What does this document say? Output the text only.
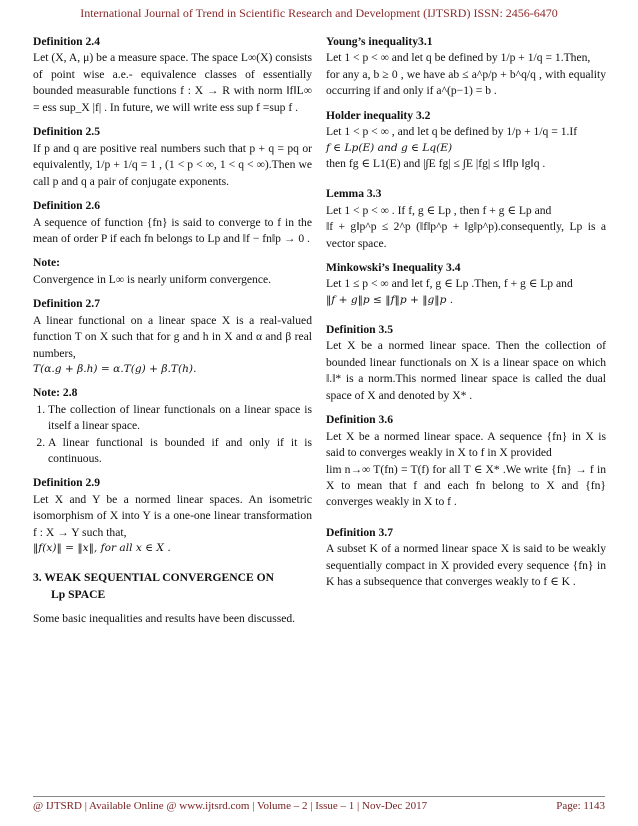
International Journal of Trend in Scientific Research and Development (IJTSRD) ISSN: 2456-6470
Definition 2.4
Let (X, A, μ) be a measure space. The space L∞(X) consists of point wise a.e.- equivalence classes of essentially bounded measurable functions f : X → R with norm ‖f‖L∞ = ess sup_X |f| . In future, we will write ess sup f =sup f .
Definition 2.5
If p and q are positive real numbers such that p + q = pq or equivalently, 1/p + 1/q = 1 , (1 < p < ∞, 1 < q < ∞).Then we call p and q a pair of conjugate exponents.
Definition 2.6
A sequence of function {fn} is said to converge to f in the mean of order P if each fn belongs to Lp and ‖f − fn‖p → 0 .
Note:
Convergence in L∞ is nearly uniform convergence.
Definition 2.7
A linear functional on a linear space X is a real-valued function T on X such that for g and h in X and α and β real numbers,
T(α.g + β.h) = α.T(g) + β.T(h).
Note: 2.8
1. The collection of linear functionals on a linear space is itself a linear space.
2. A linear functional is bounded if and only if it is continuous.
Definition 2.9
Let X and Y be a normed linear spaces. An isometric isomorphism of X into Y is a one-one linear transformation f : X → Y such that,
‖f(x)‖ = ‖x‖, for all x ∈ X .
3. WEAK SEQUENTIAL CONVERGENCE ON
Lp SPACE
Some basic inequalities and results have been discussed.
Young’s inequality3.1
Let 1 < p < ∞ and let q be defined by 1/p + 1/q = 1.Then,
for any a, b ≥ 0 , we have ab ≤ a^p/p + b^q/q , with equality occurring if and only if a^(p−1) = b .
Holder inequality 3.2
Let 1 < p < ∞ , and let q be defined by 1/p + 1/q = 1.If
f ∈ Lp(E) and g ∈ Lq(E)
then fg ∈ L1(E) and |∫E fg| ≤ ∫E |fg| ≤ ‖f‖p ‖g‖q .
Lemma 3.3
Let 1 < p < ∞ . If f, g ∈ Lp , then f + g ∈ Lp and
‖f + g‖p^p ≤ 2^p (‖f‖p^p + ‖g‖p^p).consequently, Lp is a vector space.
Minkowski’s Inequality 3.4
Let 1 ≤ p < ∞ and let f, g ∈ Lp .Then, f + g ∈ Lp and
‖f + g‖p ≤ ‖f‖p + ‖g‖p .
Definition 3.5
Let X be a normed linear space. Then the collection of bounded linear functionals on X is a linear space on which ‖.‖* is a norm.This normed linear space is called the dual space of X and denoted by X* .
Definition 3.6
Let X be a normed linear space. A sequence {fn} in X is said to converges weakly in X to f in X provided
lim n→∞ T(fn) = T(f) for all T ∈ X* .We write {fn} → f in X to mean that f and each fn belong to X and {fn} converges weakly in X to f .
Definition 3.7
A subset K of a normed linear space X is said to be weakly sequentially compact in X provided every sequence {fn} in K has a subsequence that converges weakly to f ∈ K .
@ IJTSRD | Available Online @ www.ijtsrd.com | Volume – 2 | Issue – 1 | Nov-Dec 2017	Page: 1143
